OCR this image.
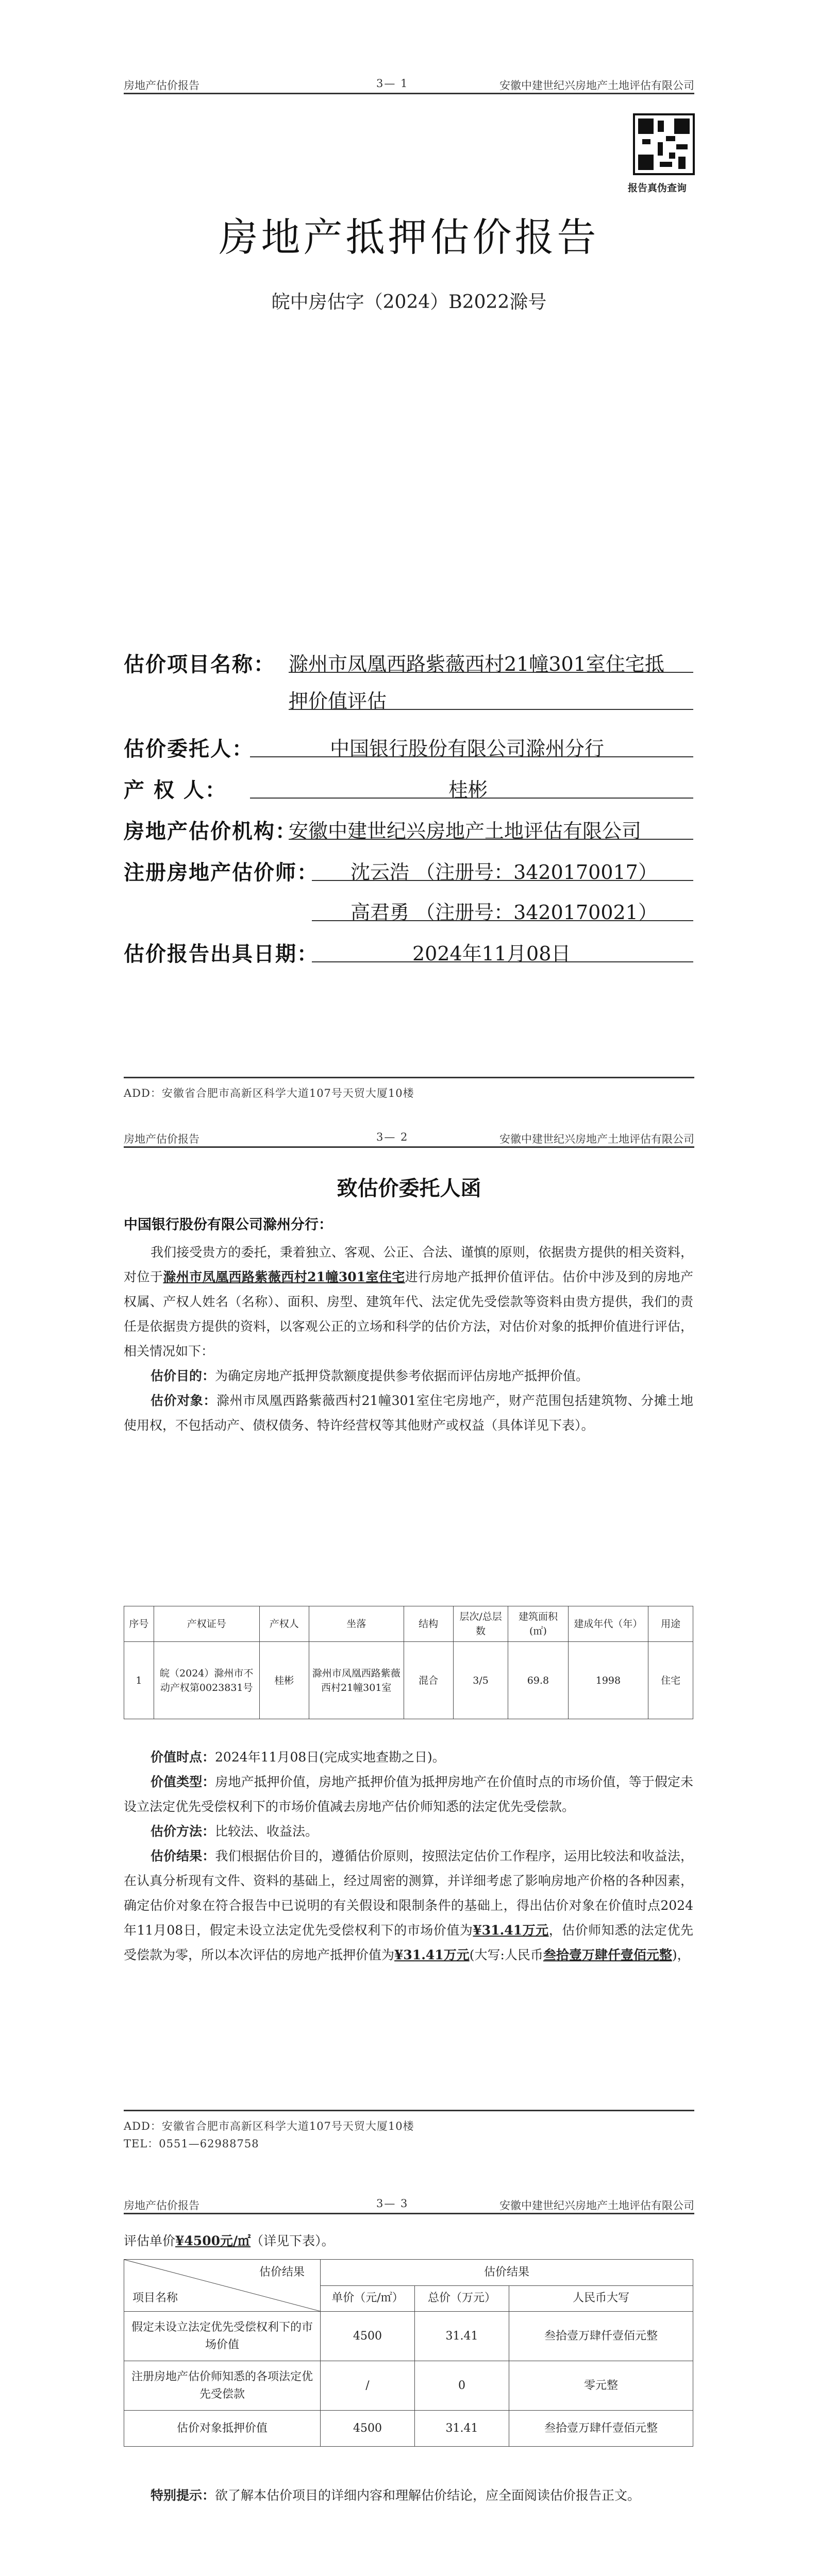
房地产估价报告	3— 1	安徽中建世纪兴房地产土地评估有限公司
报告真伪查询
房地产抵押估价报告
皖中房估字（2024）B2022滁号
估价项目名称： 滁州市凤凰西路紫薇西村21幢301室住宅抵
押价值评估
估价委托人：	中国银行股份有限公司滁州分行
产 权 人：	桂彬
房地产估价机构：
安徽中建世纪兴房地产土地评估有限公司
注册房地产估价师： 沈云浩 （注册号：3420170017）
高君勇 （注册号：3420170021）
估价报告出具日期：	2024年11月08日
ADD：安徽省合肥市高新区科学大道107号天贸大厦10楼
房地产估价报告	3— 2	安徽中建世纪兴房地产土地评估有限公司
致估价委托人函
中国银行股份有限公司滁州分行：

我们接受贵方的委托，秉着独立、客观、公正、合法、谨慎的原则，依据贵方提供的相关资料，对位于滁州市凤凰西路紫薇西村21幢301室住宅进行房地产抵押价值评估。估价中涉及到的房地产权属、产权人姓名（名称）、面积、房型、建筑年代、法定优先受偿款等资料由贵方提供，我们的责任是依据贵方提供的资料，以客观公正的立场和科学的估价方法，对估价对象的抵押价值进行评估，相关情况如下：

估价目的：为确定房地产抵押贷款额度提供参考依据而评估房地产抵押价值。

估价对象：滁州市凤凰西路紫薇西村21幢301室住宅房地产，财产范围包括建筑物、分摊土地使用权，不包括动产、债权债务、特许经营权等其他财产或权益（具体详见下表）。

序号	产权证号	产权人	坐落	结构	层次/总层数	建筑面积(㎡)	建成年代（年）	用途
1	皖（2024）滁州市不动产权第0023831号	桂彬	滁州市凤凰西路紫薇西村21幢301室	混合	3/5	69.8	1998	住宅

价值时点：2024年11月08日(完成实地查勘之日)。

价值类型：房地产抵押价值，房地产抵押价值为抵押房地产在价值时点的市场价值，等于假定未设立法定优先受偿权利下的市场价值减去房地产估价师知悉的法定优先受偿款。

估价方法：比较法、收益法。

估价结果：我们根据估价目的，遵循估价原则，按照法定估价工作程序，运用比较法和收益法，在认真分析现有文件、资料的基础上，经过周密的测算，并详细考虑了影响房地产价格的各种因素，确定估价对象在符合报告中已说明的有关假设和限制条件的基础上，得出估价对象在价值时点2024年11月08日，假定未设立法定优先受偿权利下的市场价值为¥31.41万元，估价师知悉的法定优先受偿款为零，所以本次评估的房地产抵押价值为¥31.41万元(大写:人民币叁拾壹万肆仟壹佰元整)，

ADD：安徽省合肥市高新区科学大道107号天贸大厦10楼
TEL：0551—62988758
房地产估价报告	3— 3	安徽中建世纪兴房地产土地评估有限公司
评估单价¥4500元/㎡（详见下表）。
估价结果
项目名称	估价结果		
	单价（元/㎡）	总价（万元）	人民币大写
假定未设立法定优先受偿权利下的市场价值	4500	31.41	叁拾壹万肆仟壹佰元整
注册房地产估价师知悉的各项法定优先受偿款	/	0	零元整
估价对象抵押价值	4500	31.41	叁拾壹万肆仟壹佰元整

特别提示：欲了解本估价项目的详细内容和理解估价结论，应全面阅读估价报告正文。
